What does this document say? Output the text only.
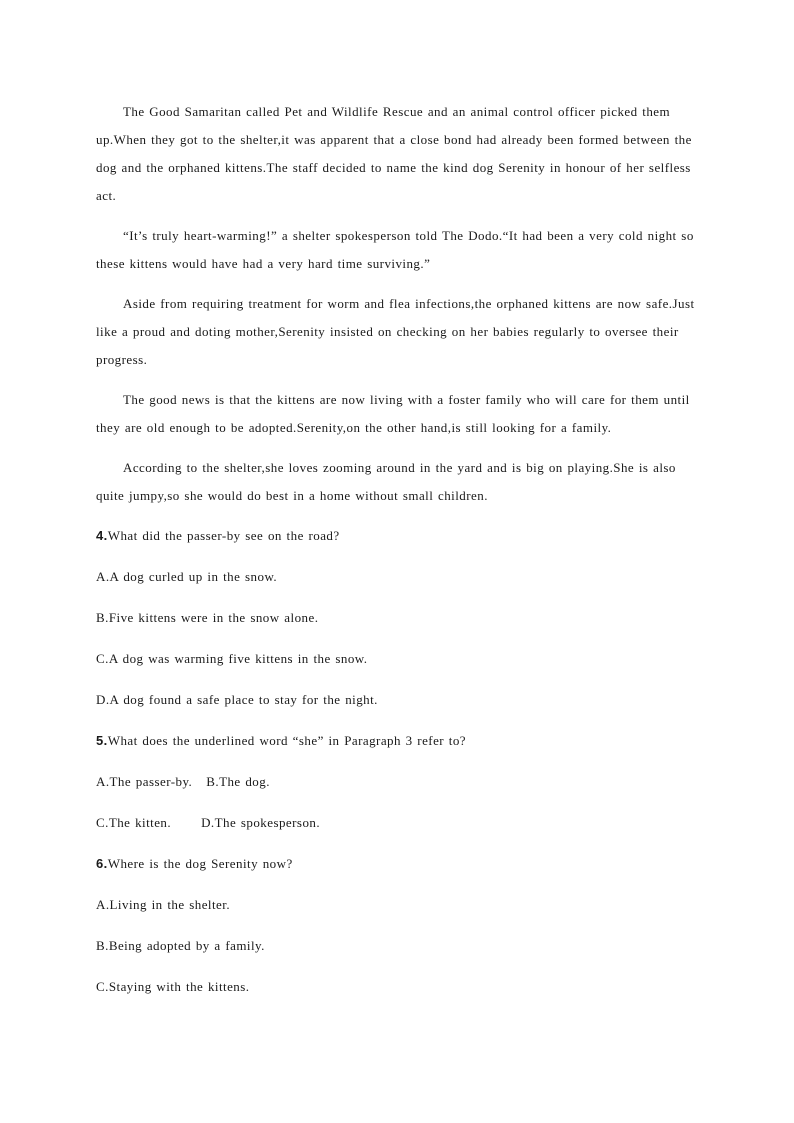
The Good Samaritan called Pet and Wildlife Rescue and an animal control officer picked them up.When they got to the shelter,it was apparent that a close bond had already been formed between the dog and the orphaned kittens.The staff decided to name the kind dog Serenity in honour of her selfless act.

“It’s truly heart-warming!” a shelter spokesperson told The Dodo.“It had been a very cold night so these kittens would have had a very hard time surviving.”

Aside from requiring treatment for worm and flea infections,the orphaned kittens are now safe.Just like a proud and doting mother,Serenity insisted on checking on her babies regularly to oversee their progress.

The good news is that the kittens are now living with a foster family who will care for them until they are old enough to be adopted.Serenity,on the other hand,is still looking for a family.

According to the shelter,she loves zooming around in the yard and is big on playing.She is also quite jumpy,so she would do best in a home without small children.

4.What did the passer-by see on the road?
A.A dog curled up in the snow.
B.Five kittens were in the snow alone.
C.A dog was warming five kittens in the snow.
D.A dog found a safe place to stay for the night.
5.What does the underlined word “she” in Paragraph 3 refer to?
A.The passer-by. B.The dog.
C.The kitten. D.The spokesperson.
6.Where is the dog Serenity now?
A.Living in the shelter.
B.Being adopted by a family.
C.Staying with the kittens.
